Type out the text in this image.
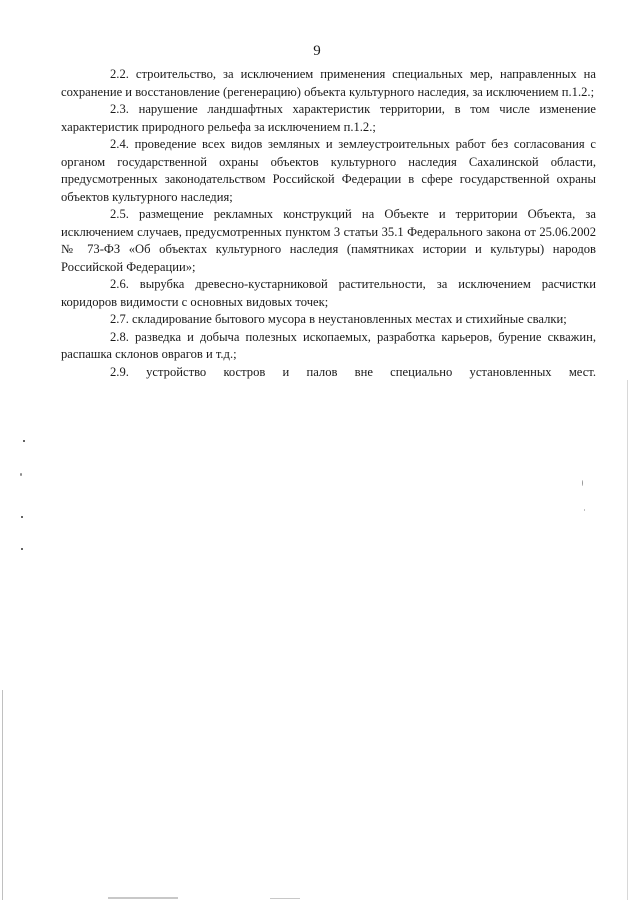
9

2.2. строительство, за исключением применения специальных мер, направленных на сохранение и восстановление (регенерацию) объекта культурного наследия, за исключением п.1.2.;

2.3. нарушение ландшафтных характеристик территории, в том числе изменение характеристик природного рельефа за исключением п.1.2.;

2.4. проведение всех видов земляных и землеустроительных работ без согласования с органом государственной охраны объектов культурного наследия Сахалинской области, предусмотренных законодательством Российской Федерации в сфере государственной охраны объектов культурного наследия;

2.5. размещение рекламных конструкций на Объекте и территории Объекта, за исключением случаев, предусмотренных пунктом 3 статьи 35.1 Федерального закона от 25.06.2002 № 73-ФЗ «Об объектах культурного наследия (памятниках истории и культуры) народов Российской Федерации»;

2.6. вырубка древесно-кустарниковой растительности, за исключением расчистки коридоров видимости с основных видовых точек;

2.7. складирование бытового мусора в неустановленных местах и стихийные свалки;

2.8. разведка и добыча полезных ископаемых, разработка карьеров, бурение скважин, распашка склонов оврагов и т.д.;

2.9. устройство костров и палов вне специально установленных мест.
